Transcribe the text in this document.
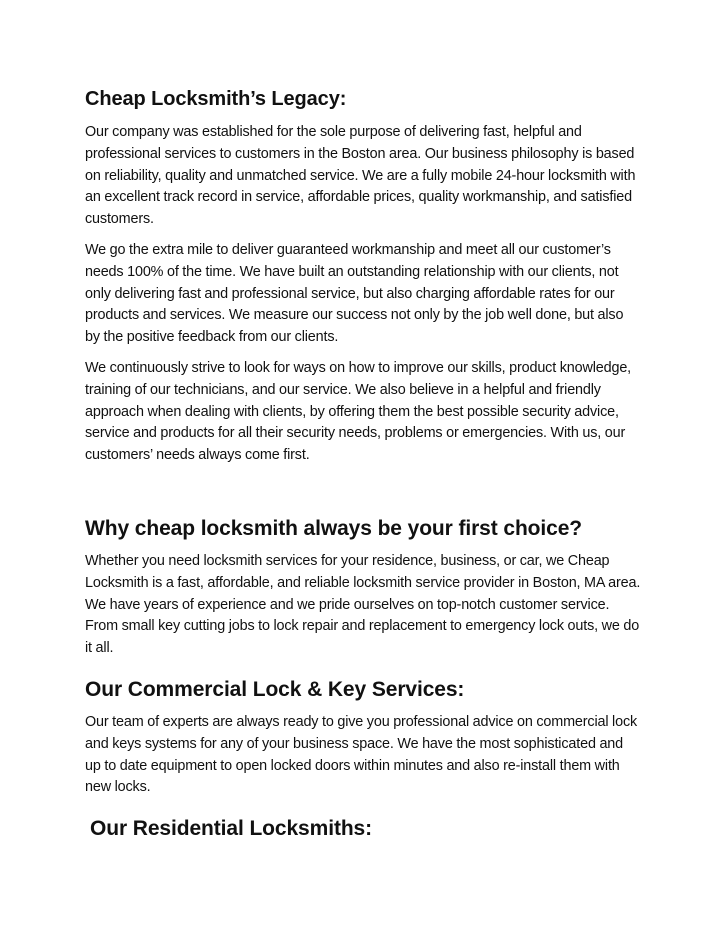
Cheap Locksmith’s Legacy:

Our company was established for the sole purpose of delivering fast, helpful and professional services to customers in the Boston area. Our business philosophy is based on reliability, quality and unmatched service. We are a fully mobile 24-hour locksmith with an excellent track record in service, affordable prices, quality workmanship, and satisfied customers.

We go the extra mile to deliver guaranteed workmanship and meet all our customer’s needs 100% of the time. We have built an outstanding relationship with our clients, not only delivering fast and professional service, but also charging affordable rates for our products and services. We measure our success not only by the job well done, but also by the positive feedback from our clients.

We continuously strive to look for ways on how to improve our skills, product knowledge, training of our technicians, and our service. We also believe in a helpful and friendly approach when dealing with clients, by offering them the best possible security advice, service and products for all their security needs, problems or emergencies. With us, our customers’ needs always come first.

Why cheap locksmith always be your first choice?

Whether you need locksmith services for your residence, business, or car, we Cheap Locksmith is a fast, affordable, and reliable locksmith service provider in Boston, MA area. We have years of experience and we pride ourselves on top-notch customer service. From small key cutting jobs to lock repair and replacement to emergency lock outs, we do it all.

Our Commercial Lock & Key Services:

Our team of experts are always ready to give you professional advice on commercial lock and keys systems for any of your business space. We have the most sophisticated and up to date equipment to open locked doors within minutes and also re-install them with new locks.

Our Residential Locksmiths:
